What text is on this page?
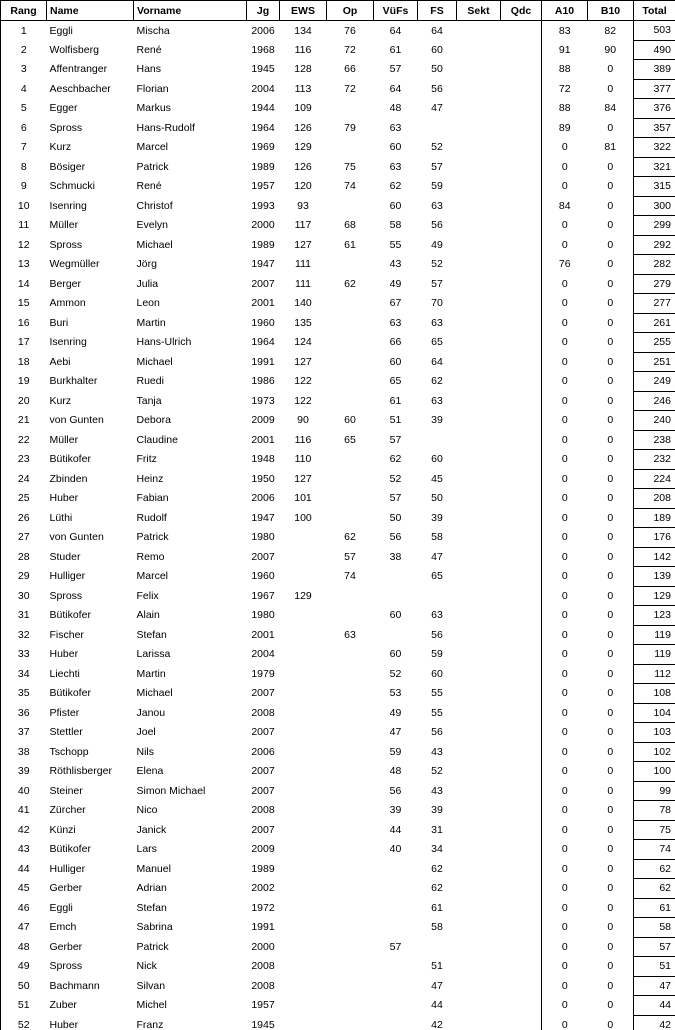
Rang	Name	Vorname	Jg	EWS	Op	VüFs	FS	Sekt	Qdc	A10	B10	Total
1	Eggli	Mischa	2006	134	76	64	64			83	82	503
2	Wolfisberg	René	1968	116	72	61	60			91	90	490
3	Affentranger	Hans	1945	128	66	57	50			88	0	389
4	Aeschbacher	Florian	2004	113	72	64	56			72	0	377
5	Egger	Markus	1944	109		48	47			88	84	376
6	Spross	Hans-Rudolf	1964	126	79	63				89	0	357
7	Kurz	Marcel	1969	129		60	52			0	81	322
8	Bösiger	Patrick	1989	126	75	63	57			0	0	321
9	Schmucki	René	1957	120	74	62	59			0	0	315
10	Isenring	Christof	1993	93		60	63			84	0	300
11	Müller	Evelyn	2000	117	68	58	56			0	0	299
12	Spross	Michael	1989	127	61	55	49			0	0	292
13	Wegmüller	Jörg	1947	111		43	52			76	0	282
14	Berger	Julia	2007	111	62	49	57			0	0	279
15	Ammon	Leon	2001	140		67	70			0	0	277
16	Buri	Martin	1960	135		63	63			0	0	261
17	Isenring	Hans-Ulrich	1964	124		66	65			0	0	255
18	Aebi	Michael	1991	127		60	64			0	0	251
19	Burkhalter	Ruedi	1986	122		65	62			0	0	249
20	Kurz	Tanja	1973	122		61	63			0	0	246
21	von Gunten	Debora	2009	90	60	51	39			0	0	240
22	Müller	Claudine	2001	116	65	57				0	0	238
23	Bütikofer	Fritz	1948	110		62	60			0	0	232
24	Zbinden	Heinz	1950	127		52	45			0	0	224
25	Huber	Fabian	2006	101		57	50			0	0	208
26	Lüthi	Rudolf	1947	100		50	39			0	0	189
27	von Gunten	Patrick	1980		62	56	58			0	0	176
28	Studer	Remo	2007		57	38	47			0	0	142
29	Hulliger	Marcel	1960		74		65			0	0	139
30	Spross	Felix	1967	129						0	0	129
31	Bütikofer	Alain	1980			60	63			0	0	123
32	Fischer	Stefan	2001		63		56			0	0	119
33	Huber	Larissa	2004			60	59			0	0	119
34	Liechti	Martin	1979			52	60			0	0	112
35	Bütikofer	Michael	2007			53	55			0	0	108
36	Pfister	Janou	2008			49	55			0	0	104
37	Stettler	Joel	2007			47	56			0	0	103
38	Tschopp	Nils	2006			59	43			0	0	102
39	Röthlisberger	Elena	2007			48	52			0	0	100
40	Steiner	Simon Michael	2007			56	43			0	0	99
41	Zürcher	Nico	2008			39	39			0	0	78
42	Künzi	Janick	2007			44	31			0	0	75
43	Bütikofer	Lars	2009			40	34			0	0	74
44	Hulliger	Manuel	1989				62			0	0	62
45	Gerber	Adrian	2002				62			0	0	62
46	Eggli	Stefan	1972				61			0	0	61
47	Emch	Sabrina	1991				58			0	0	58
48	Gerber	Patrick	2000			57				0	0	57
49	Spross	Nick	2008				51			0	0	51
50	Bachmann	Silvan	2008				47			0	0	47
51	Zuber	Michel	1957				44			0	0	44
52	Huber	Franz	1945				42			0	0	42
